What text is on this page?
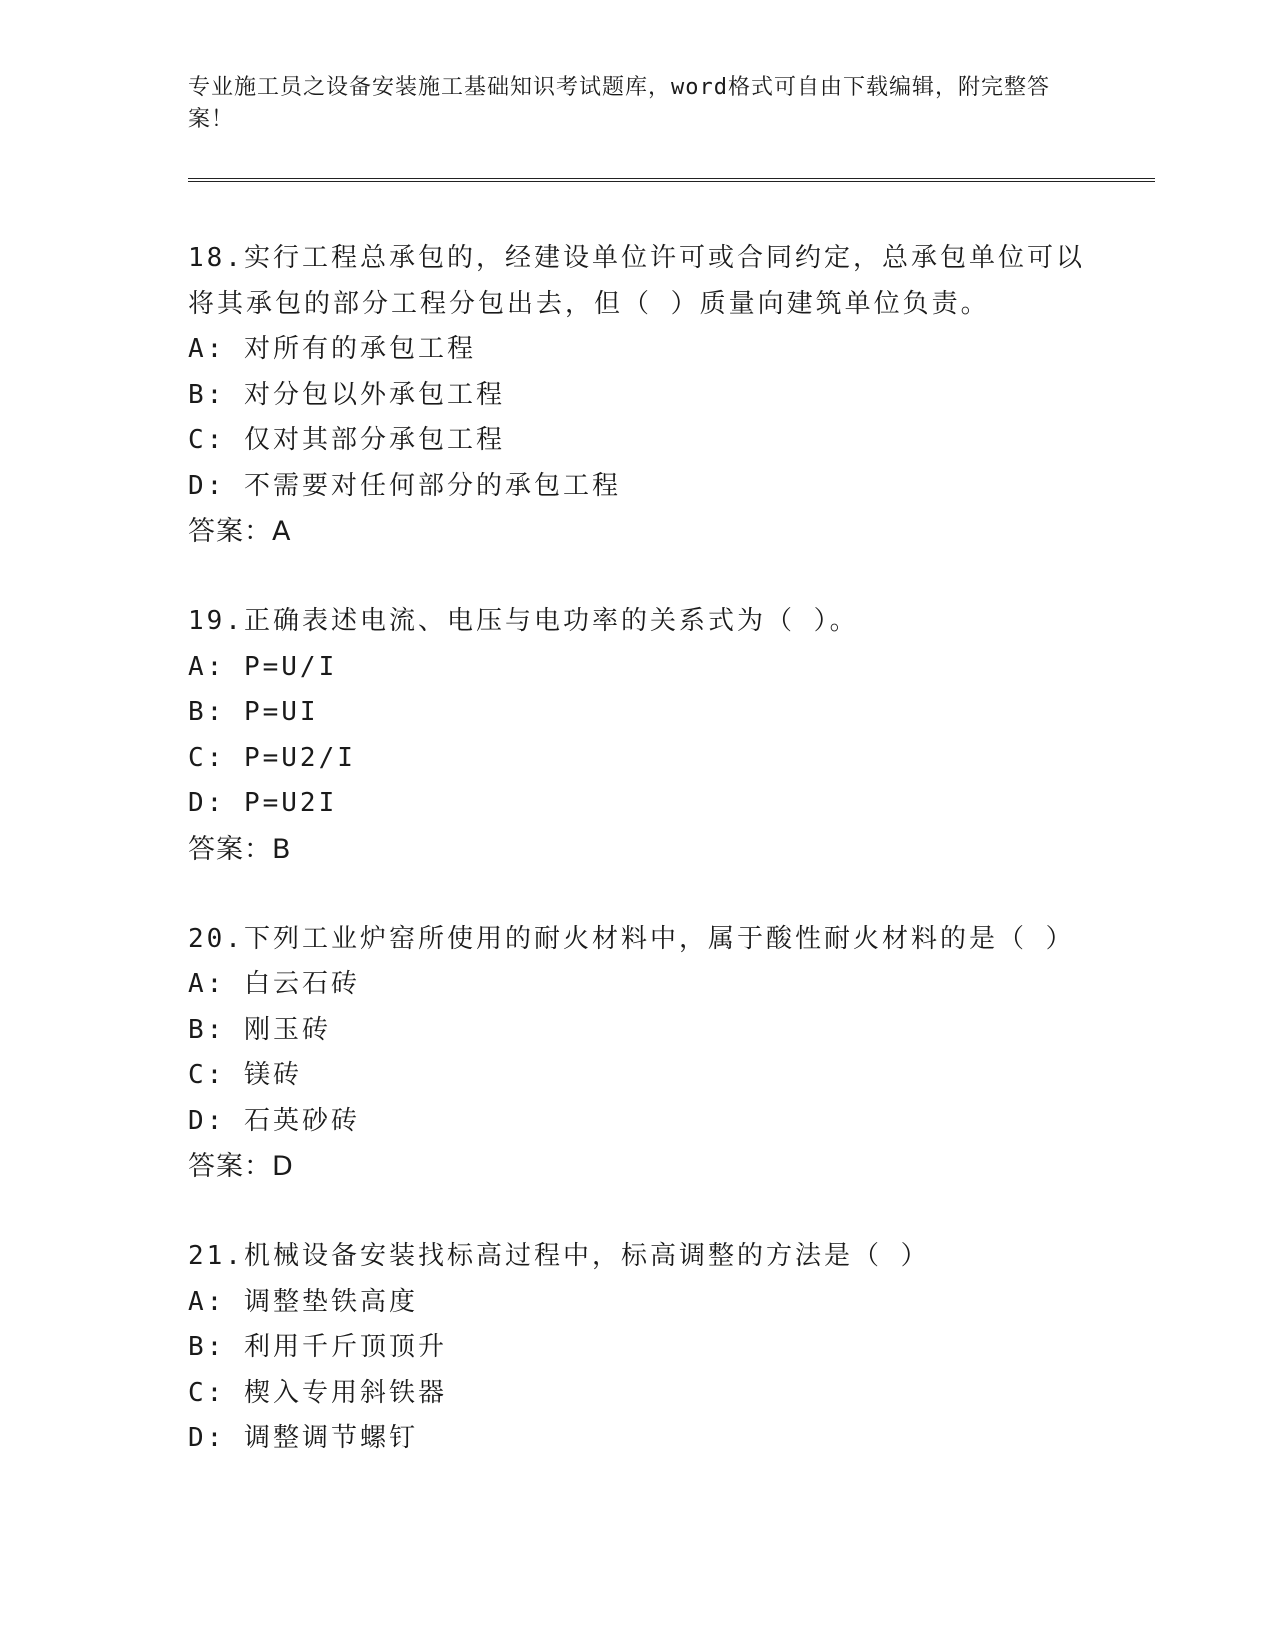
专业施工员之设备安装施工基础知识考试题库，word格式可自由下载编辑，附完整答案！
18.实行工程总承包的，经建设单位许可或合同约定，总承包单位可以
将其承包的部分工程分包出去，但（ ）质量向建筑单位负责。
A: 对所有的承包工程
B: 对分包以外承包工程
C: 仅对其部分承包工程
D: 不需要对任何部分的承包工程
答案：A
19.正确表述电流、电压与电功率的关系式为（ ）。
A: P=U/I
B: P=UI
C: P=U2/I
D: P=U2I
答案：B
20.下列工业炉窑所使用的耐火材料中，属于酸性耐火材料的是（ ）
A: 白云石砖
B: 刚玉砖
C: 镁砖
D: 石英砂砖
答案：D
21.机械设备安装找标高过程中，标高调整的方法是（ ）
A: 调整垫铁高度
B: 利用千斤顶顶升
C: 楔入专用斜铁器
D: 调整调节螺钉
